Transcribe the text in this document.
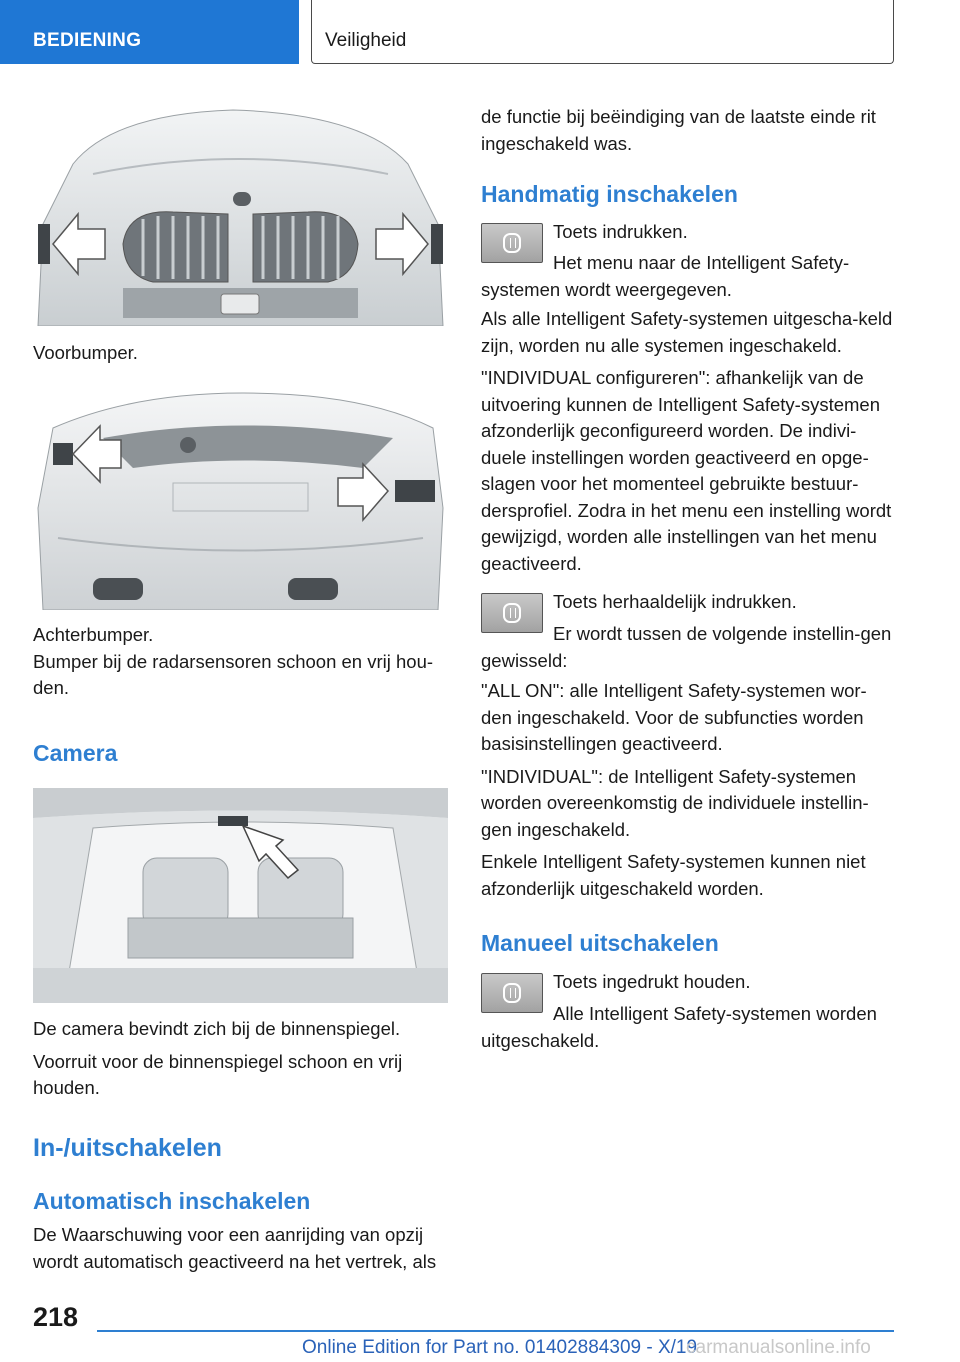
BEDIENING	Veiligheid

Voorbumper.

Achterbumper.

Bumper bij de radarsensoren schoon en vrij hou-den.

Camera

De camera bevindt zich bij de binnenspiegel.

Voorruit voor de binnenspiegel schoon en vrij houden.

In-/uitschakelen

Automatisch inschakelen

De Waarschuwing voor een aanrijding van opzij wordt automatisch geactiveerd na het vertrek, als

de functie bij beëindiging van de laatste einde rit ingeschakeld was.

Handmatig inschakelen

Toets indrukken.

Het menu naar de Intelligent Safety-systemen wordt weergegeven.

Als alle Intelligent Safety-systemen uitgescha-keld zijn, worden nu alle systemen ingeschakeld.

"INDIVIDUAL configureren": afhankelijk van de uitvoering kunnen de Intelligent Safety-systemen afzonderlijk geconfigureerd worden. De indivi-duele instellingen worden geactiveerd en opge-slagen voor het momenteel gebruikte bestuur-dersprofiel. Zodra in het menu een instelling wordt gewijzigd, worden alle instellingen van het menu geactiveerd.

Toets herhaaldelijk indrukken.

Er wordt tussen de volgende instellin-gen gewisseld:

"ALL ON": alle Intelligent Safety-systemen wor-den ingeschakeld. Voor de subfuncties worden basisinstellingen geactiveerd.

"INDIVIDUAL": de Intelligent Safety-systemen worden overeenkomstig de individuele instellin-gen ingeschakeld.

Enkele Intelligent Safety-systemen kunnen niet afzonderlijk uitgeschakeld worden.

Manueel uitschakelen

Toets ingedrukt houden.

Alle Intelligent Safety-systemen worden uitgeschakeld.

218
Online Edition for Part no. 01402884309 - X/19
carmanualsonline.info
